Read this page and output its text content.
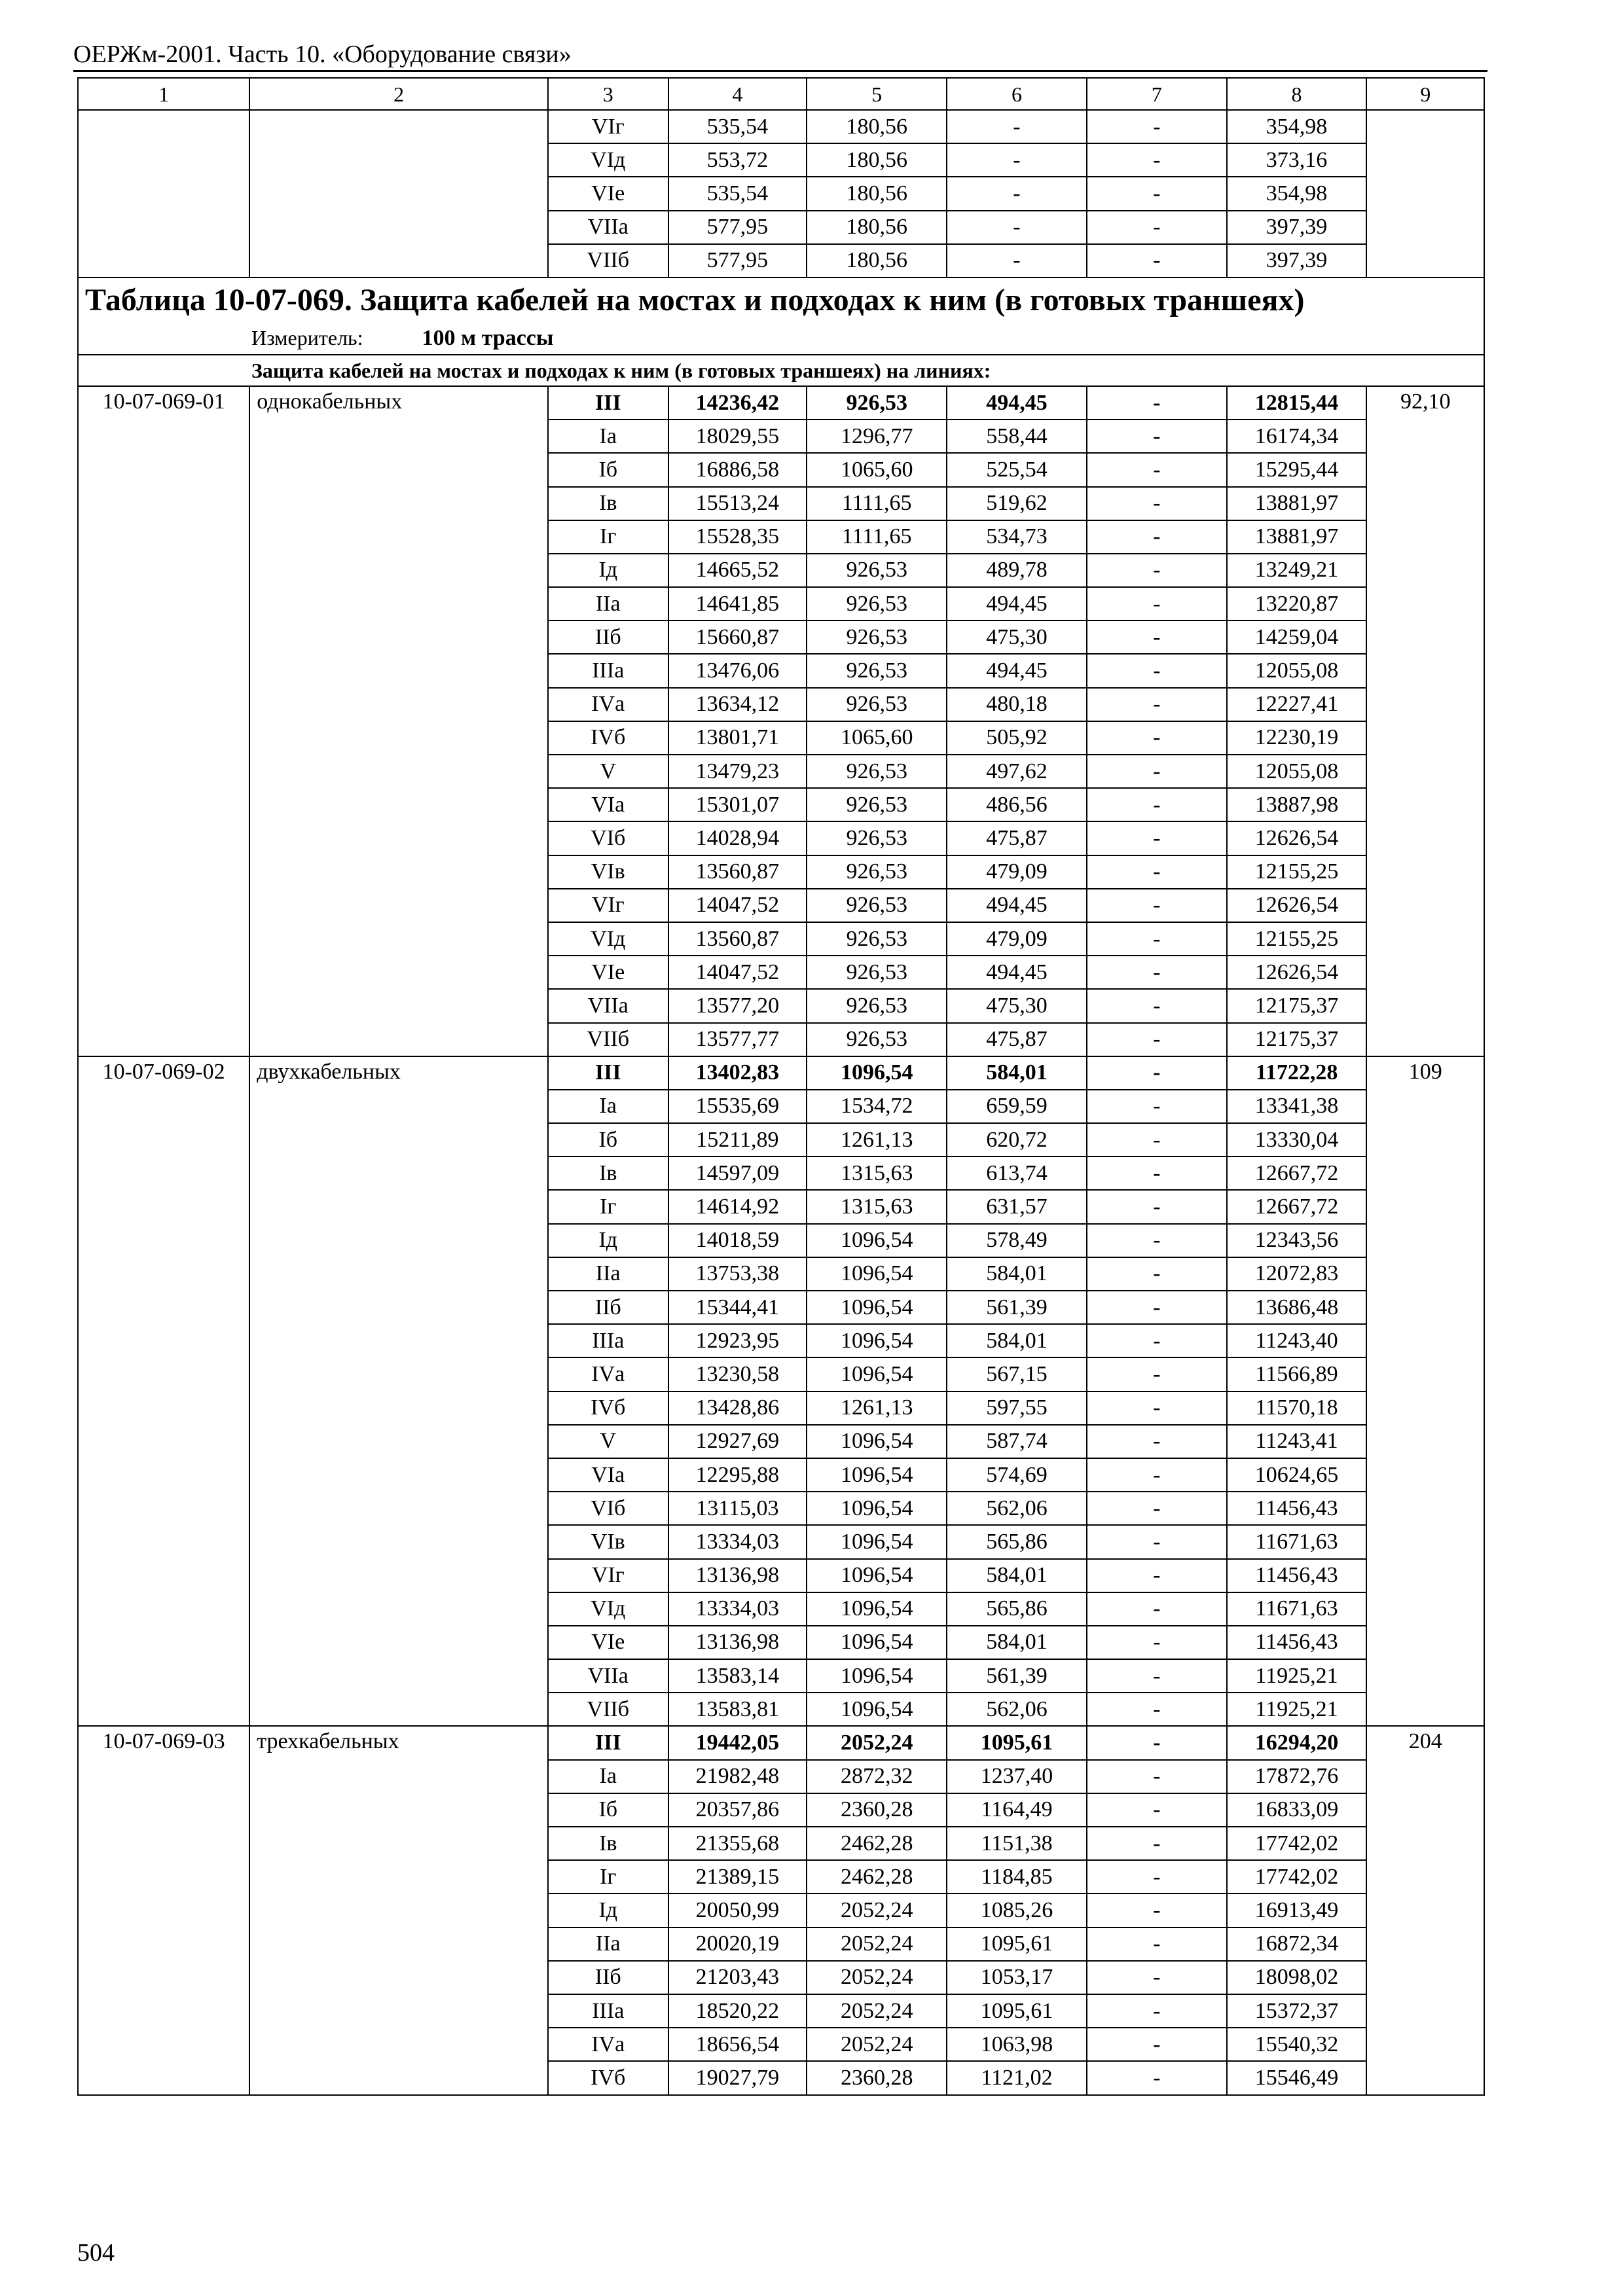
ОЕРЖм-2001. Часть 10. «Оборудование связи»
1	2	3	4	5	6	7	8	9
		VIг	535,54	180,56	-	-	354,98	
		VIд	553,72	180,56	-	-	373,16	
		VIе	535,54	180,56	-	-	354,98	
		VIIа	577,95	180,56	-	-	397,39	
		VIIб	577,95	180,56	-	-	397,39	
Таблица 10-07-069. Защита кабелей на мостах и подходах к ним (в готовых траншеях)								
Измеритель: 100 м трассы								
Защита кабелей на мостах и подходах к ним (в готовых траншеях) на линиях:								
10-07-069-01	однокабельных	III	14236,42	926,53	494,45	-	12815,44	92,10
		Iа	18029,55	1296,77	558,44	-	16174,34	
		Iб	16886,58	1065,60	525,54	-	15295,44	
		Iв	15513,24	1111,65	519,62	-	13881,97	
		Iг	15528,35	1111,65	534,73	-	13881,97	
		Iд	14665,52	926,53	489,78	-	13249,21	
		IIа	14641,85	926,53	494,45	-	13220,87	
		IIб	15660,87	926,53	475,30	-	14259,04	
		IIIа	13476,06	926,53	494,45	-	12055,08	
		IVа	13634,12	926,53	480,18	-	12227,41	
		IVб	13801,71	1065,60	505,92	-	12230,19	
		V	13479,23	926,53	497,62	-	12055,08	
		VIа	15301,07	926,53	486,56	-	13887,98	
		VIб	14028,94	926,53	475,87	-	12626,54	
		VIв	13560,87	926,53	479,09	-	12155,25	
		VIг	14047,52	926,53	494,45	-	12626,54	
		VIд	13560,87	926,53	479,09	-	12155,25	
		VIе	14047,52	926,53	494,45	-	12626,54	
		VIIа	13577,20	926,53	475,30	-	12175,37	
		VIIб	13577,77	926,53	475,87	-	12175,37	
10-07-069-02	двухкабельных	III	13402,83	1096,54	584,01	-	11722,28	109
		Iа	15535,69	1534,72	659,59	-	13341,38	
		Iб	15211,89	1261,13	620,72	-	13330,04	
		Iв	14597,09	1315,63	613,74	-	12667,72	
		Iг	14614,92	1315,63	631,57	-	12667,72	
		Iд	14018,59	1096,54	578,49	-	12343,56	
		IIа	13753,38	1096,54	584,01	-	12072,83	
		IIб	15344,41	1096,54	561,39	-	13686,48	
		IIIа	12923,95	1096,54	584,01	-	11243,40	
		IVа	13230,58	1096,54	567,15	-	11566,89	
		IVб	13428,86	1261,13	597,55	-	11570,18	
		V	12927,69	1096,54	587,74	-	11243,41	
		VIа	12295,88	1096,54	574,69	-	10624,65	
		VIб	13115,03	1096,54	562,06	-	11456,43	
		VIв	13334,03	1096,54	565,86	-	11671,63	
		VIг	13136,98	1096,54	584,01	-	11456,43	
		VIд	13334,03	1096,54	565,86	-	11671,63	
		VIе	13136,98	1096,54	584,01	-	11456,43	
		VIIа	13583,14	1096,54	561,39	-	11925,21	
		VIIб	13583,81	1096,54	562,06	-	11925,21	
10-07-069-03	трехкабельных	III	19442,05	2052,24	1095,61	-	16294,20	204
		Iа	21982,48	2872,32	1237,40	-	17872,76	
		Iб	20357,86	2360,28	1164,49	-	16833,09	
		Iв	21355,68	2462,28	1151,38	-	17742,02	
		Iг	21389,15	2462,28	1184,85	-	17742,02	
		Iд	20050,99	2052,24	1085,26	-	16913,49	
		IIа	20020,19	2052,24	1095,61	-	16872,34	
		IIб	21203,43	2052,24	1053,17	-	18098,02	
		IIIа	18520,22	2052,24	1095,61	-	15372,37	
		IVа	18656,54	2052,24	1063,98	-	15540,32	
		IVб	19027,79	2360,28	1121,02	-	15546,49	
504
